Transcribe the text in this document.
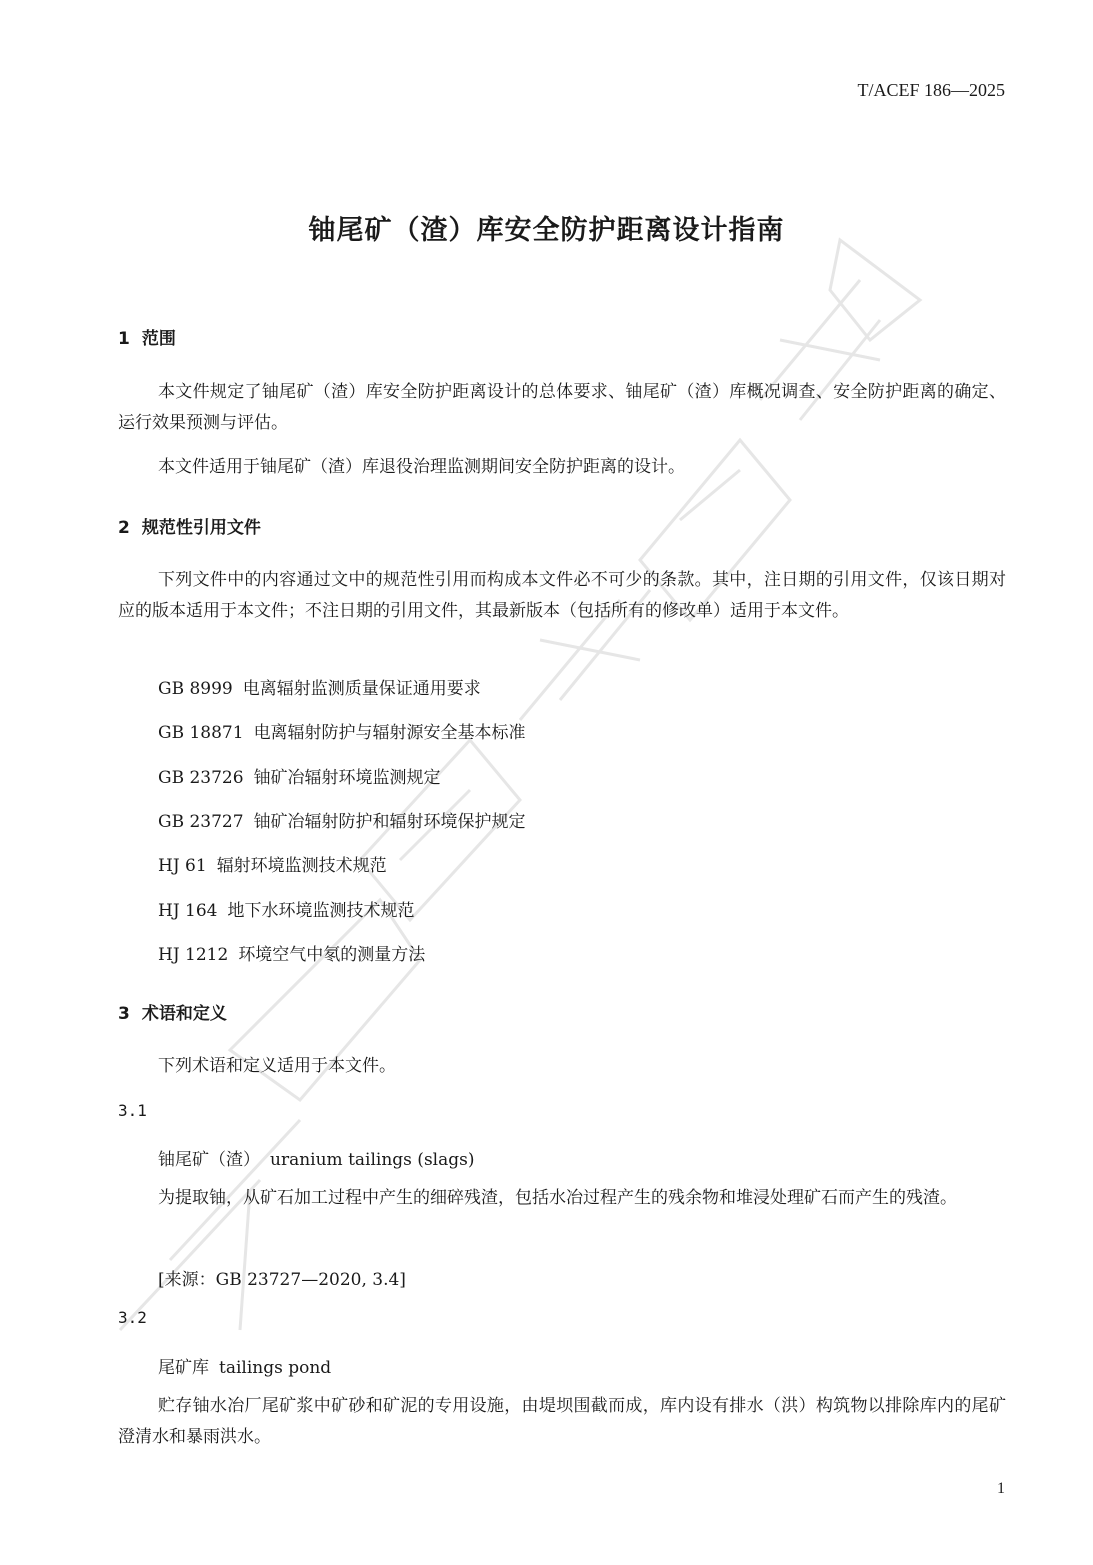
T/ACEF 186—2025
铀尾矿（渣）库安全防护距离设计指南
1 范围
本文件规定了铀尾矿（渣）库安全防护距离设计的总体要求、铀尾矿（渣）库概况调查、安全防护距离的确定、运行效果预测与评估。
本文件适用于铀尾矿（渣）库退役治理监测期间安全防护距离的设计。
2 规范性引用文件
下列文件中的内容通过文中的规范性引用而构成本文件必不可少的条款。其中，注日期的引用文件，仅该日期对应的版本适用于本文件；不注日期的引用文件，其最新版本（包括所有的修改单）适用于本文件。
GB 8999 电离辐射监测质量保证通用要求
GB 18871 电离辐射防护与辐射源安全基本标准
GB 23726 铀矿冶辐射环境监测规定
GB 23727 铀矿冶辐射防护和辐射环境保护规定
HJ 61 辐射环境监测技术规范
HJ 164 地下水环境监测技术规范
HJ 1212 环境空气中氡的测量方法
3 术语和定义
下列术语和定义适用于本文件。
3.1
铀尾矿（渣） uranium tailings (slags)
为提取铀，从矿石加工过程中产生的细碎残渣，包括水冶过程产生的残余物和堆浸处理矿石而产生的残渣。
[来源：GB 23727—2020, 3.4]
3.2
尾矿库 tailings pond
贮存铀水冶厂尾矿浆中矿砂和矿泥的专用设施，由堤坝围截而成，库内设有排水（洪）构筑物以排除库内的尾矿澄清水和暴雨洪水。
1
